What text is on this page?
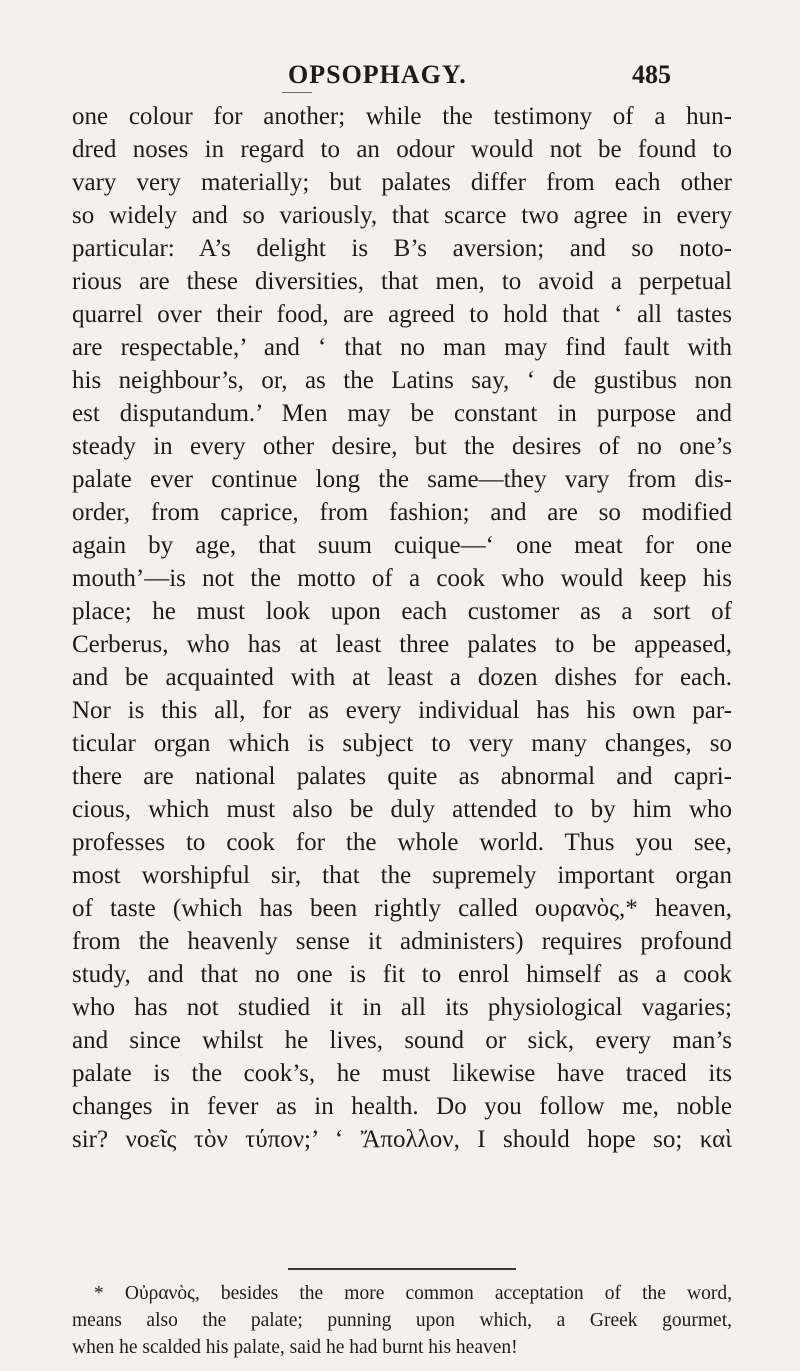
OPSOPHAGY.	485
one colour for another; while the testimony of a hun-
dred noses in regard to an odour would not be found to
vary very materially; but palates differ from each other
so widely and so variously, that scarce two agree in every
particular: A’s delight is B’s aversion; and so noto-
rious are these diversities, that men, to avoid a perpetual
quarrel over their food, are agreed to hold that ‘ all tastes
are respectable,’ and ‘ that no man may find fault with
his neighbour’s, or, as the Latins say, ‘ de gustibus non
est disputandum.’ Men may be constant in purpose and
steady in every other desire, but the desires of no one’s
palate ever continue long the same—they vary from dis-
order, from caprice, from fashion; and are so modified
again by age, that suum cuique—‘ one meat for one
mouth’—is not the motto of a cook who would keep his
place; he must look upon each customer as a sort of
Cerberus, who has at least three palates to be appeased,
and be acquainted with at least a dozen dishes for each.
Nor is this all, for as every individual has his own par-
ticular organ which is subject to very many changes, so
there are national palates quite as abnormal and capri-
cious, which must also be duly attended to by him who
professes to cook for the whole world. Thus you see,
most worshipful sir, that the supremely important organ
of taste (which has been rightly called ουρανὸς,* heaven,
from the heavenly sense it administers) requires profound
study, and that no one is fit to enrol himself as a cook
who has not studied it in all its physiological vagaries;
and since whilst he lives, sound or sick, every man’s
palate is the cook’s, he must likewise have traced its
changes in fever as in health. Do you follow me, noble
sir? νοεῖς τὸν τύπον;’ ‘ Ἄπολλον, I should hope so; καὶ
* Οὐρανὸς, besides the more common acceptation of the word,
means also the palate; punning upon which, a Greek gourmet,
when he scalded his palate, said he had burnt his heaven!
